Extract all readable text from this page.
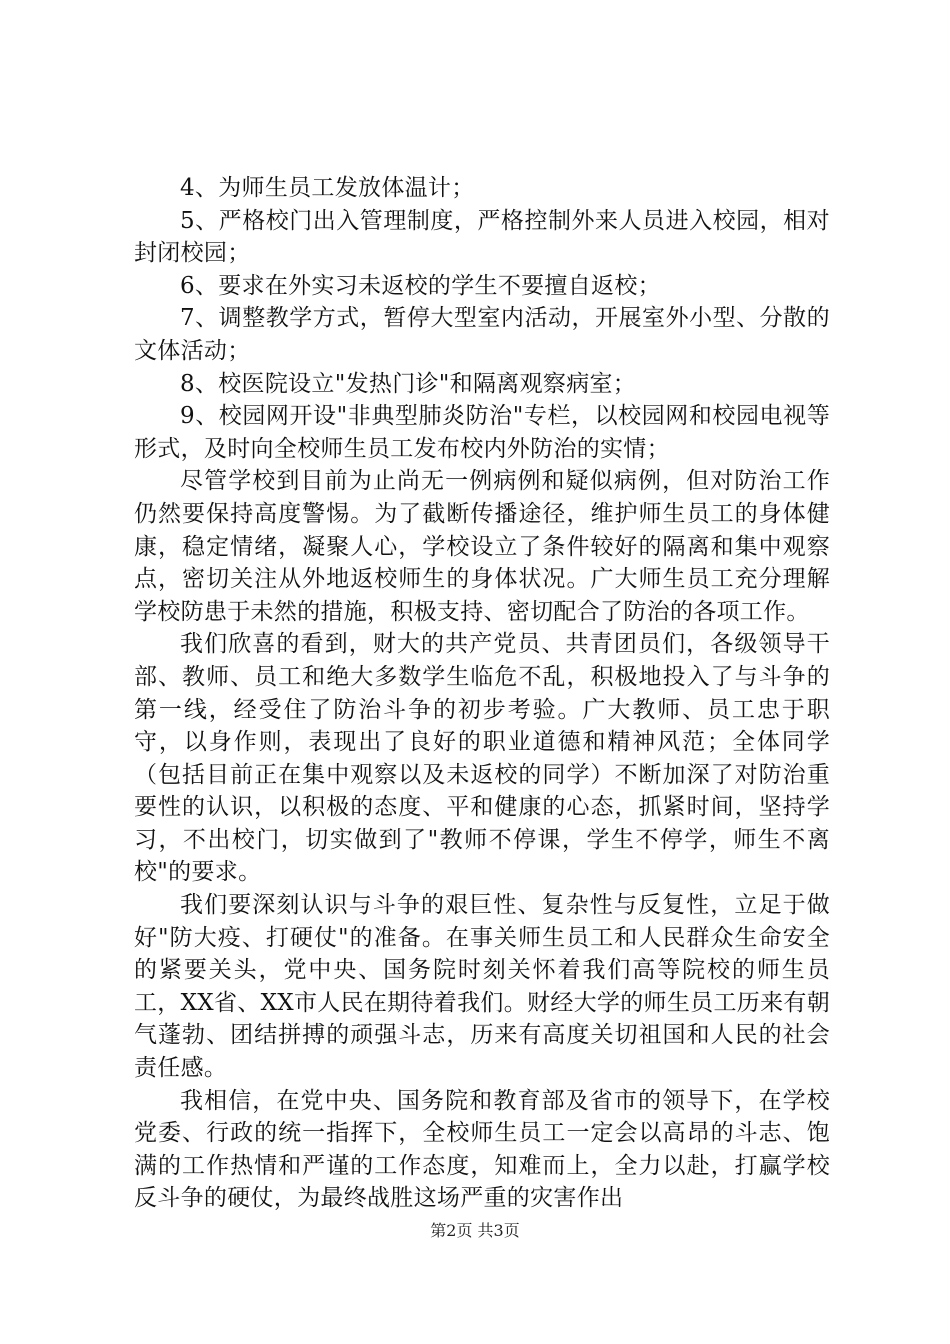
4、为师生员工发放体温计；

5、严格校门出入管理制度，严格控制外来人员进入校园，相对封闭校园；

6、要求在外实习未返校的学生不要擅自返校；

7、调整教学方式，暂停大型室内活动，开展室外小型、分散的文体活动；

8、校医院设立"发热门诊"和隔离观察病室；

9、校园网开设"非典型肺炎防治"专栏，以校园网和校园电视等形式，及时向全校师生员工发布校内外防治的实情；

尽管学校到目前为止尚无一例病例和疑似病例，但对防治工作仍然要保持高度警惕。为了截断传播途径，维护师生员工的身体健康，稳定情绪，凝聚人心，学校设立了条件较好的隔离和集中观察点，密切关注从外地返校师生的身体状况。广大师生员工充分理解学校防患于未然的措施，积极支持、密切配合了防治的各项工作。

我们欣喜的看到，财大的共产党员、共青团员们，各级领导干部、教师、员工和绝大多数学生临危不乱，积极地投入了与斗争的第一线，经受住了防治斗争的初步考验。广大教师、员工忠于职守，以身作则，表现出了良好的职业道德和精神风范；全体同学（包括目前正在集中观察以及未返校的同学）不断加深了对防治重要性的认识，以积极的态度、平和健康的心态，抓紧时间，坚持学习，不出校门，切实做到了"教师不停课，学生不停学，师生不离校"的要求。

我们要深刻认识与斗争的艰巨性、复杂性与反复性，立足于做好"防大疫、打硬仗"的准备。在事关师生员工和人民群众生命安全的紧要关头，党中央、国务院时刻关怀着我们高等院校的师生员工，XX省、XX市人民在期待着我们。财经大学的师生员工历来有朝气蓬勃、团结拼搏的顽强斗志，历来有高度关切祖国和人民的社会责任感。

我相信，在党中央、国务院和教育部及省市的领导下，在学校党委、行政的统一指挥下，全校师生员工一定会以高昂的斗志、饱满的工作热情和严谨的工作态度，知难而上，全力以赴，打赢学校反斗争的硬仗，为最终战胜这场严重的灾害作出

第2页 共3页
